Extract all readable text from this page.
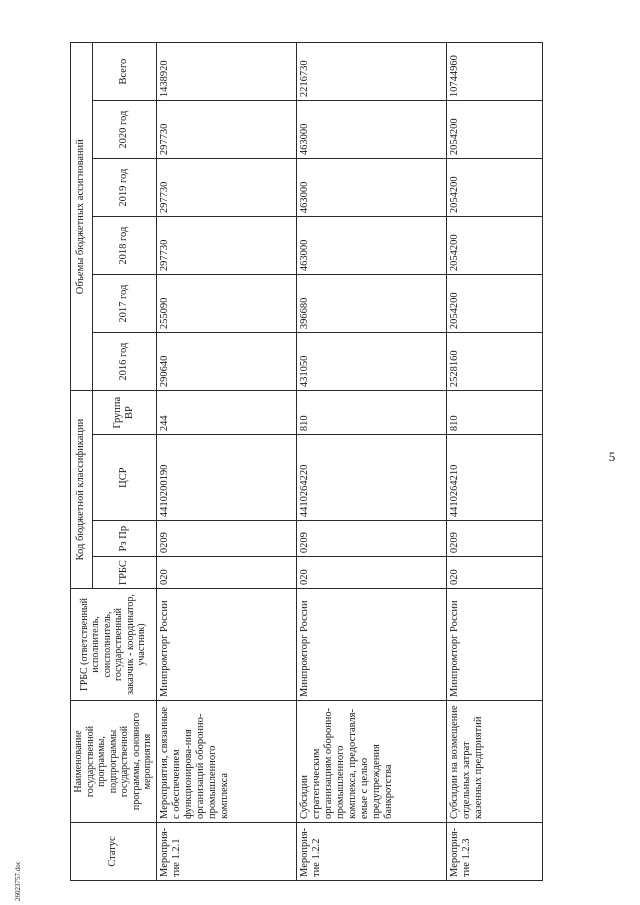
5
26023757.doc
Статус	Наименование государственной программы, подпрограммы государственной программы, основного мероприятия	ГРБС (ответственный исполнитель, соисполнитель, государственный заказчик - координатор, участник)	Код бюджетной классификации				Объемы бюджетных ассигнований					
			ГРБС	Рз Пр	ЦСР	Группа ВР	2016 год	2017 год	2018 год	2019 год	2020 год	Всего
Мероприя-тие 1.2.1	Мероприятия, связанные с обеспечением функционирова-ния организаций оборонно-промышленного комплекса	Минпромторг России	020	0209	4410200190	244	290640	255090	297730	297730	297730	1438920
Мероприя-тие 1.2.2	Субсидии стратегическим организациям оборонно-промышленного комплекса, предоставля-емые с целью предупреждения банкротства	Минпромторг России	020	0209	4410264220	810	431050	396680	463000	463000	463000	2216730
Мероприя-тие 1.2.3	Субсидии на возмещение отдельных затрат казенных предприятий	Минпромторг России	020	0209	4410264210	810	2528160	2054200	2054200	2054200	2054200	10744960
